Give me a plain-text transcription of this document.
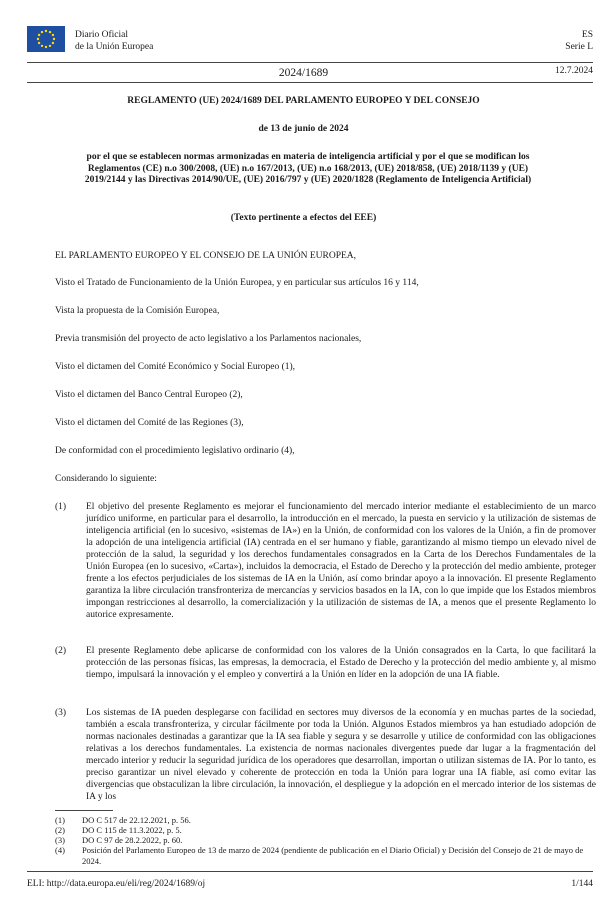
Diario Oficial
de la Unión Europea
ES
Serie L
2024/1689	12.7.2024
REGLAMENTO (UE) 2024/1689 DEL PARLAMENTO EUROPEO Y DEL CONSEJO
de 13 de junio de 2024
por el que se establecen normas armonizadas en materia de inteligencia artificial y por el que se modifican los Reglamentos (CE) n.o 300/2008, (UE) n.o 167/2013, (UE) n.o 168/2013, (UE) 2018/858, (UE) 2018/1139 y (UE) 2019/2144 y las Directivas 2014/90/UE, (UE) 2016/797 y (UE) 2020/1828 (Reglamento de Inteligencia Artificial)
(Texto pertinente a efectos del EEE)
EL PARLAMENTO EUROPEO Y EL CONSEJO DE LA UNIÓN EUROPEA,
Visto el Tratado de Funcionamiento de la Unión Europea, y en particular sus artículos 16 y 114,
Vista la propuesta de la Comisión Europea,
Previa transmisión del proyecto de acto legislativo a los Parlamentos nacionales,
Visto el dictamen del Comité Económico y Social Europeo (1),
Visto el dictamen del Banco Central Europeo (2),
Visto el dictamen del Comité de las Regiones (3),
De conformidad con el procedimiento legislativo ordinario (4),
Considerando lo siguiente:
(1) El objetivo del presente Reglamento es mejorar el funcionamiento del mercado interior mediante el establecimiento de un marco jurídico uniforme, en particular para el desarrollo, la introducción en el mercado, la puesta en servicio y la utilización de sistemas de inteligencia artificial (en lo sucesivo, «sistemas de IA») en la Unión, de conformidad con los valores de la Unión, a fin de promover la adopción de una inteligencia artificial (IA) centrada en el ser humano y fiable, garantizando al mismo tiempo un elevado nivel de protección de la salud, la seguridad y los derechos fundamentales consagrados en la Carta de los Derechos Fundamentales de la Unión Europea (en lo sucesivo, «Carta»), incluidos la democracia, el Estado de Derecho y la protección del medio ambiente, proteger frente a los efectos perjudiciales de los sistemas de IA en la Unión, así como brindar apoyo a la innovación. El presente Reglamento garantiza la libre circulación transfronteriza de mercancías y servicios basados en la IA, con lo que impide que los Estados miembros impongan restricciones al desarrollo, la comercialización y la utilización de sistemas de IA, a menos que el presente Reglamento lo autorice expresamente.
(2) El presente Reglamento debe aplicarse de conformidad con los valores de la Unión consagrados en la Carta, lo que facilitará la protección de las personas físicas, las empresas, la democracia, el Estado de Derecho y la protección del medio ambiente y, al mismo tiempo, impulsará la innovación y el empleo y convertirá a la Unión en líder en la adopción de una IA fiable.
(3) Los sistemas de IA pueden desplegarse con facilidad en sectores muy diversos de la economía y en muchas partes de la sociedad, también a escala transfronteriza, y circular fácilmente por toda la Unión. Algunos Estados miembros ya han estudiado adopción de normas nacionales destinadas a garantizar que la IA sea fiable y segura y se desarrolle y utilice de conformidad con las obligaciones relativas a los derechos fundamentales. La existencia de normas nacionales divergentes puede dar lugar a la fragmentación del mercado interior y reducir la seguridad jurídica de los operadores que desarrollan, importan o utilizan sistemas de IA. Por lo tanto, es preciso garantizar un nivel elevado y coherente de protección en toda la Unión para lograr una IA fiable, así como evitar las divergencias que obstaculizan la libre circulación, la innovación, el despliegue y la adopción en el mercado interior de los sistemas de IA y los
(1) DO C 517 de 22.12.2021, p. 56.
(2) DO C 115 de 11.3.2022, p. 5.
(3) DO C 97 de 28.2.2022, p. 60.
(4) Posición del Parlamento Europeo de 13 de marzo de 2024 (pendiente de publicación en el Diario Oficial) y Decisión del Consejo de 21 de mayo de 2024.
ELI: http://data.europa.eu/eli/reg/2024/1689/oj	1/144
